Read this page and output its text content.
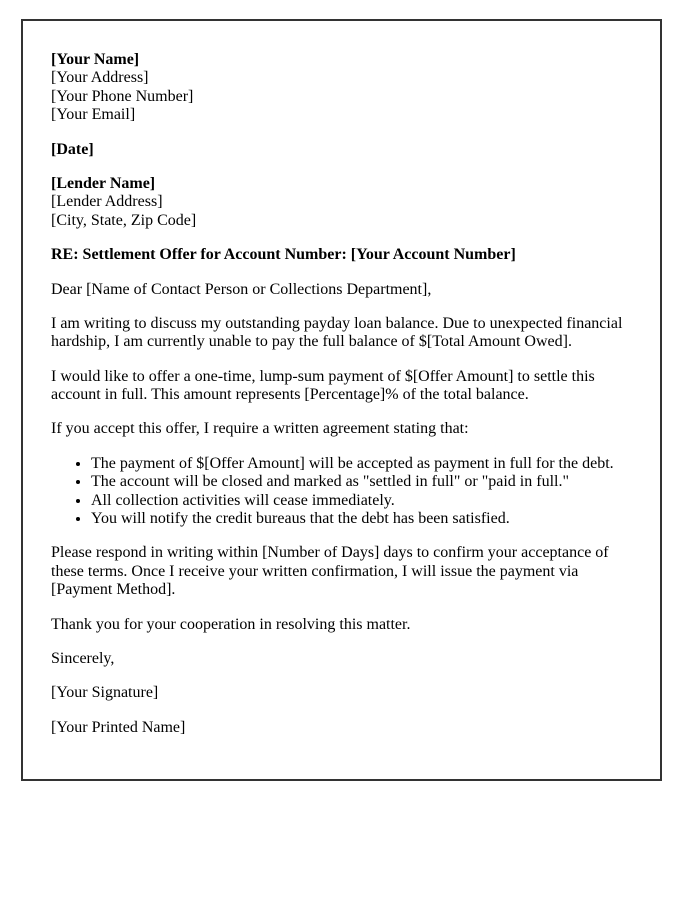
[Your Name]
[Your Address]
[Your Phone Number]
[Your Email]

[Date]

[Lender Name]
[Lender Address]
[City, State, Zip Code]

RE: Settlement Offer for Account Number: [Your Account Number]

Dear [Name of Contact Person or Collections Department],

I am writing to discuss my outstanding payday loan balance. Due to unexpected financial hardship, I am currently unable to pay the full balance of $[Total Amount Owed].

I would like to offer a one-time, lump-sum payment of $[Offer Amount] to settle this account in full. This amount represents [Percentage]% of the total balance.

If you accept this offer, I require a written agreement stating that:

• The payment of $[Offer Amount] will be accepted as payment in full for the debt.
• The account will be closed and marked as "settled in full" or "paid in full."
• All collection activities will cease immediately.
• You will notify the credit bureaus that the debt has been satisfied.

Please respond in writing within [Number of Days] days to confirm your acceptance of these terms. Once I receive your written confirmation, I will issue the payment via [Payment Method].

Thank you for your cooperation in resolving this matter.

Sincerely,

[Your Signature]

[Your Printed Name]
